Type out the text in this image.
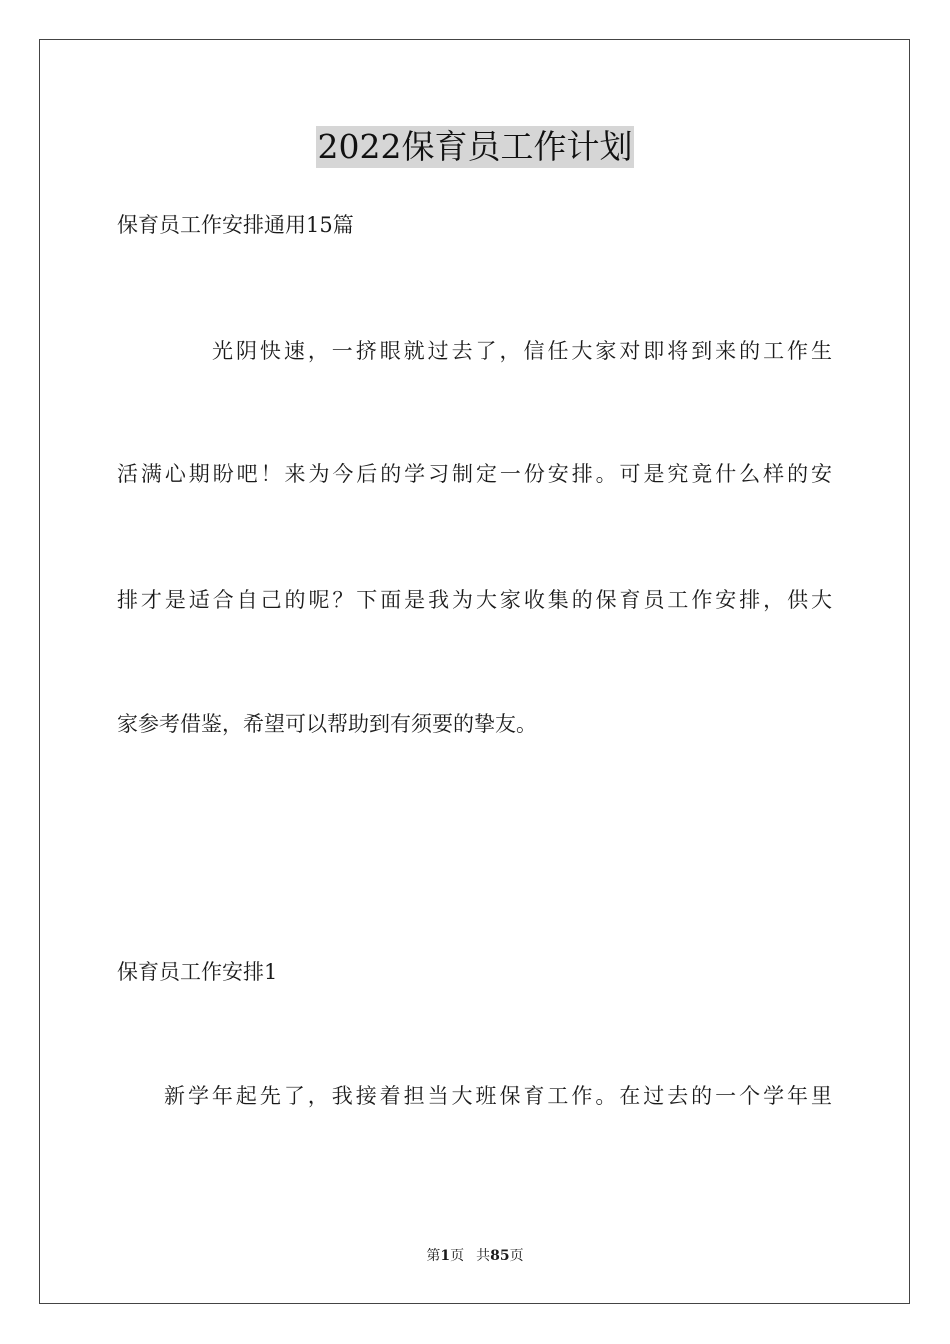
2022保育员工作计划
保育员工作安排通用15篇
光阴快速，一挤眼就过去了，信任大家对即将到来的工作生
活满心期盼吧！来为今后的学习制定一份安排。可是究竟什么样的安
排才是适合自己的呢？下面是我为大家收集的保育员工作安排，供大
家参考借鉴，希望可以帮助到有须要的挚友。
保育员工作安排1
新学年起先了，我接着担当大班保育工作。在过去的一个学年里
第1页 共85页
